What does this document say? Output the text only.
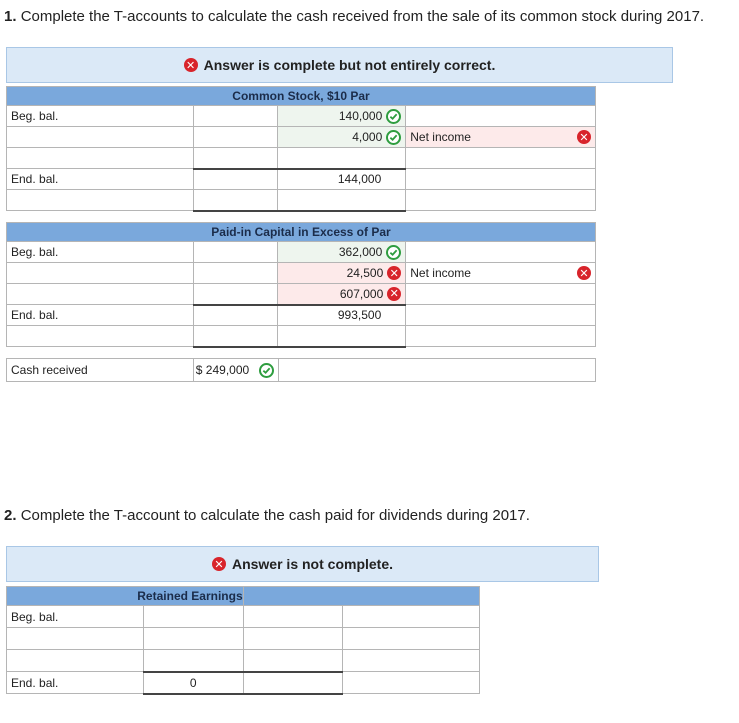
1. Complete the T-accounts to calculate the cash received from the sale of its common stock during 2017.
✕ Answer is complete but not entirely correct.
Common Stock, $10 Par			
Beg. bal.		140,000	

		4,000	Net income ✕

End. bal.		144,000	

Paid-in Capital in Excess of Par			
Beg. bal.		362,000	

		24,500 ✕	Net income ✕

		607,000 ✕	

End. bal.		993,500	

Cash received	$ 249,000

2. Complete the T-account to calculate the cash paid for dividends during 2017.
✕ Answer is not complete.
Retained Earnings			
Beg. bal.			

End. bal.	0		
